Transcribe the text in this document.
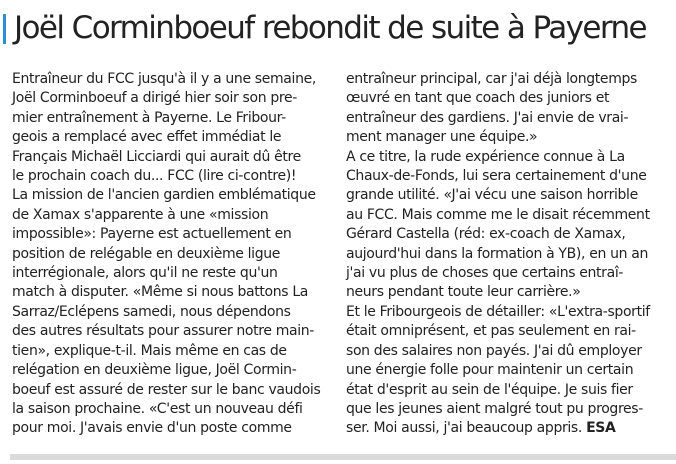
Joël Corminboeuf rebondit de suite à Payerne
Entraîneur du FCC jusqu'à il y a une semaine,
Joël Corminboeuf a dirigé hier soir son pre-
mier entraînement à Payerne. Le Fribour-
geois a remplacé avec effet immédiat le
Français Michaël Licciardi qui aurait dû être
le prochain coach du... FCC (lire ci-contre)!
La mission de l'ancien gardien emblématique
de Xamax s'apparente à une «mission
impossible»: Payerne est actuellement en
position de relégable en deuxième ligue
interrégionale, alors qu'il ne reste qu'un
match à disputer. «Même si nous battons La
Sarraz/Eclépens samedi, nous dépendons
des autres résultats pour assurer notre main-
tien», explique-t-il. Mais même en cas de
relégation en deuxième ligue, Joël Cormin-
boeuf est assuré de rester sur le banc vaudois
la saison prochaine. «C'est un nouveau défi
pour moi. J'avais envie d'un poste comme
entraîneur principal, car j'ai déjà longtemps
œuvré en tant que coach des juniors et
entraîneur des gardiens. J'ai envie de vrai-
ment manager une équipe.»
A ce titre, la rude expérience connue à La
Chaux-de-Fonds, lui sera certainement d'une
grande utilité. «J'ai vécu une saison horrible
au FCC. Mais comme me le disait récemment
Gérard Castella (réd: ex-coach de Xamax,
aujourd'hui dans la formation à YB), en un an
j'ai vu plus de choses que certains entraî-
neurs pendant toute leur carrière.»
Et le Fribourgeois de détailler: «L'extra-sportif
était omniprésent, et pas seulement en rai-
son des salaires non payés. J'ai dû employer
une énergie folle pour maintenir un certain
état d'esprit au sein de l'équipe. Je suis fier
que les jeunes aient malgré tout pu progres-
ser. Moi aussi, j'ai beaucoup appris. ESA
